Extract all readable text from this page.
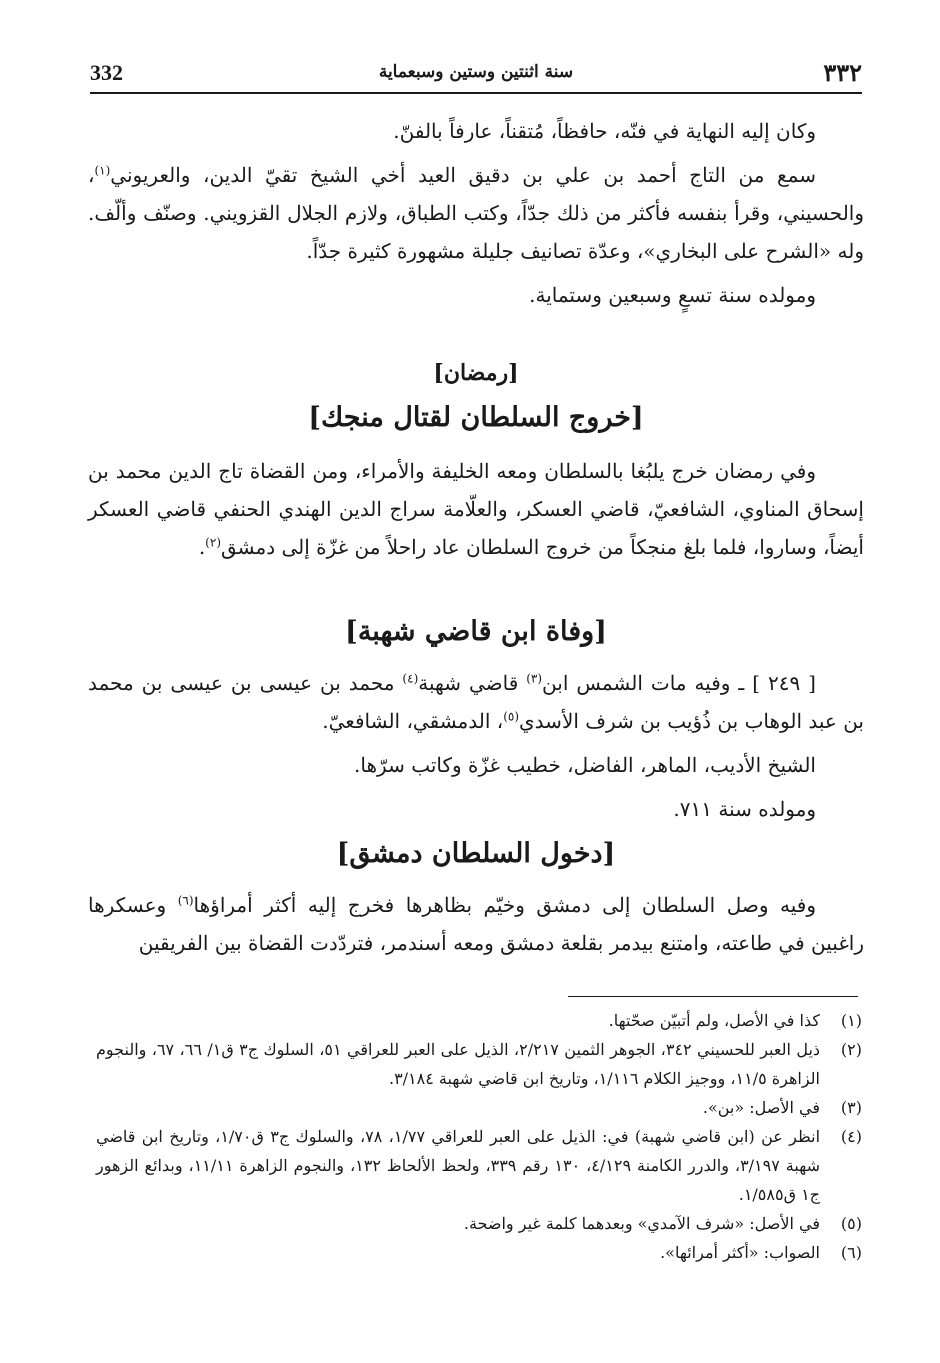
332	سنة اثنتين وستين وسبعماية	٣٣٢

وكان إليه النهاية في فنّه، حافظاً، مُتقناً، عارفاً بالفنّ.

سمع من التاج أحمد بن علي بن دقيق العيد أخي الشيخ تقيّ الدين، والعريوني$^{(١)}$، والحسيني، وقرأ بنفسه فأكثر من ذلك جدّاً، وكتب الطباق، ولازم الجلال القزويني. وصنّف وألّف. وله «الشرح على البخاري»، وعدّة تصانيف جليلة مشهورة كثيرة جدّاً.

ومولده سنة تسعٍ وسبعين وستماية.

[رمضان]
[خروج السلطان لقتال منجك]

وفي رمضان خرج يلبُغا بالسلطان ومعه الخليفة والأمراء، ومن القضاة تاج الدين محمد بن إسحاق المناوي، الشافعيّ، قاضي العسكر، والعلّامة سراج الدين الهندي الحنفي قاضي العسكر أيضاً، وساروا، فلما بلغ منجكاً من خروج السلطان عاد راحلاً من غزّة إلى دمشق$^{(٢)}$.

[وفاة ابن قاضي شهبة]

[ ٢٤٩ ] ـ وفيه مات الشمس ابن$^{(٣)}$ قاضي شهبة$^{(٤)}$ محمد بن عيسى بن عيسى بن محمد بن عبد الوهاب بن ذُؤيب بن شرف الأسدي$^{(٥)}$، الدمشقي، الشافعيّ.

الشيخ الأديب، الماهر، الفاضل، خطيب غزّة وكاتب سرّها.

ومولده سنة ٧١١.

[دخول السلطان دمشق]

وفيه وصل السلطان إلى دمشق وخيّم بظاهرها فخرج إليه أكثر أمراؤها$^{(٦)}$ وعسكرها راغبين في طاعته، وامتنع بيدمر بقلعة دمشق ومعه أسندمر، فتردّدت القضاة بين الفريقين

(١)
كذا في الأصل، ولم أتبيّن صحّتها.
(٢)
ذيل العبر للحسيني ٣٤٢، الجوهر الثمين ٢/٢١٧، الذيل على العبر للعراقي ٥١، السلوك ج٣ ق١/ ٦٦، ٦٧، والنجوم الزاهرة ١١/٥، ووجيز الكلام ١/١١٦، وتاريخ ابن قاضي شهبة ٣/١٨٤.
(٣)
في الأصل: «بن».
(٤)
انظر عن (ابن قاضي شهبة) في: الذيل على العبر للعراقي ١/٧٧، ٧٨، والسلوك ج٣ ق١/٧٠، وتاريخ ابن قاضي شهبة ٣/١٩٧، والدرر الكامنة ٤/١٢٩، ١٣٠ رقم ٣٣٩، ولحظ الألحاظ ١٣٢، والنجوم الزاهرة ١١/١١، وبدائع الزهور ج١ ق١/٥٨٥.
(٥)
في الأصل: «شرف الآمدي» وبعدهما كلمة غير واضحة.
(٦)
الصواب: «أكثر أمرائها».
